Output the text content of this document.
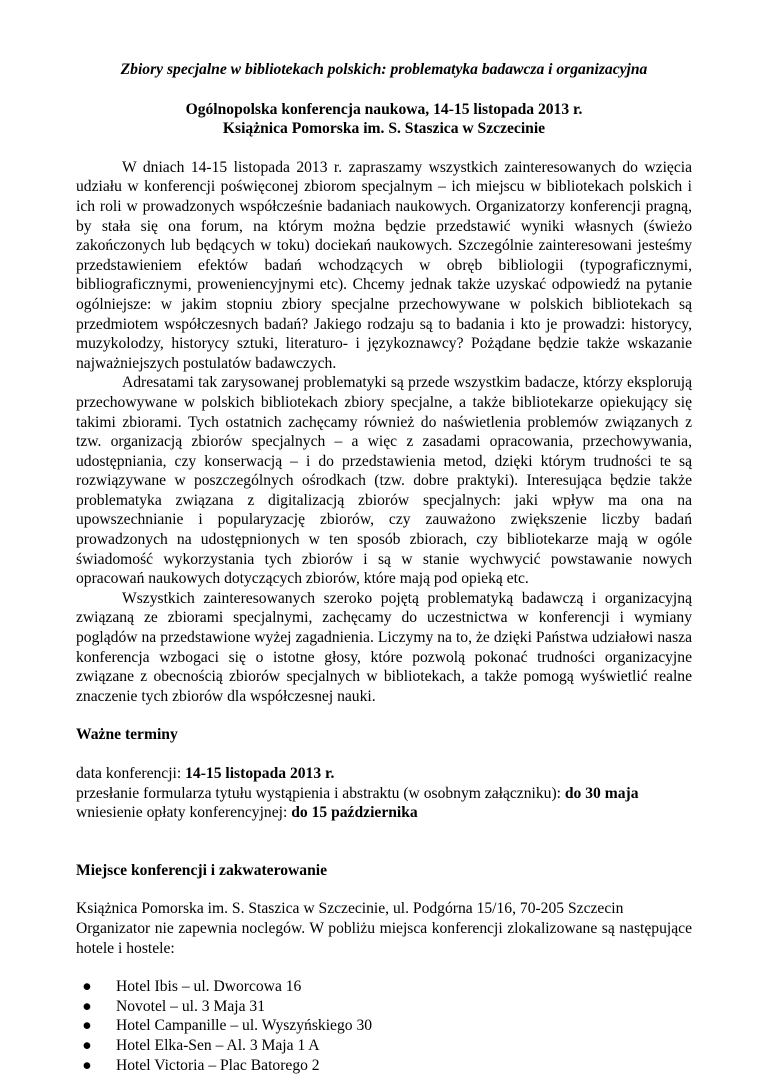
Zbiory specjalne w bibliotekach polskich: problematyka badawcza i organizacyjna

Ogólnopolska konferencja naukowa, 14-15 listopada 2013 r.

Książnica Pomorska im. S. Staszica w Szczecinie

W dniach 14-15 listopada 2013 r. zapraszamy wszystkich zainteresowanych do wzięcia udziału w konferencji poświęconej zbiorom specjalnym – ich miejscu w bibliotekach polskich i ich roli w prowadzonych współcześnie badaniach naukowych. Organizatorzy konferencji pragną, by stała się ona forum, na którym można będzie przedstawić wyniki własnych (świeżo zakończonych lub będących w toku) dociekań naukowych. Szczególnie zainteresowani jesteśmy przedstawieniem efektów badań wchodzących w obręb bibliologii (typograficznymi, bibliograficznymi, proweniencyjnymi etc). Chcemy jednak także uzyskać odpowiedź na pytanie ogólniejsze: w jakim stopniu zbiory specjalne przechowywane w polskich bibliotekach są przedmiotem współczesnych badań? Jakiego rodzaju są to badania i kto je prowadzi: historycy, muzykolodzy, historycy sztuki, literaturo- i językoznawcy? Pożądane będzie także wskazanie najważniejszych postulatów badawczych.

Adresatami tak zarysowanej problematyki są przede wszystkim badacze, którzy eksplorują przechowywane w polskich bibliotekach zbiory specjalne, a także bibliotekarze opiekujący się takimi zbiorami. Tych ostatnich zachęcamy również do naświetlenia problemów związanych z tzw. organizacją zbiorów specjalnych – a więc z zasadami opracowania, przechowywania, udostępniania, czy konserwacją – i do przedstawienia metod, dzięki którym trudności te są rozwiązywane w poszczególnych ośrodkach (tzw. dobre praktyki). Interesująca będzie także problematyka związana z digitalizacją zbiorów specjalnych: jaki wpływ ma ona na upowszechnianie i popularyzację zbiorów, czy zauważono zwiększenie liczby badań prowadzonych na udostępnionych w ten sposób zbiorach, czy bibliotekarze mają w ogóle świadomość wykorzystania tych zbiorów i są w stanie wychwycić powstawanie nowych opracowań naukowych dotyczących zbiorów, które mają pod opieką etc.

Wszystkich zainteresowanych szeroko pojętą problematyką badawczą i organizacyjną związaną ze zbiorami specjalnymi, zachęcamy do uczestnictwa w konferencji i wymiany poglądów na przedstawione wyżej zagadnienia. Liczymy na to, że dzięki Państwa udziałowi nasza konferencja wzbogaci się o istotne głosy, które pozwolą pokonać trudności organizacyjne związane z obecnością zbiorów specjalnych w bibliotekach, a także pomogą wyświetlić realne znaczenie tych zbiorów dla współczesnej nauki.

Ważne terminy

data konferencji: 14-15 listopada 2013 r.
przesłanie formularza tytułu wystąpienia i abstraktu (w osobnym załączniku): do 30 maja
wniesienie opłaty konferencyjnej: do 15 października

Miejsce konferencji i zakwaterowanie

Książnica Pomorska im. S. Staszica w Szczecinie, ul. Podgórna 15/16, 70-205 Szczecin
Organizator nie zapewnia noclegów. W pobliżu miejsca konferencji zlokalizowane są następujące hotele i hostele:

● Hotel Ibis – ul. Dworcowa 16
● Novotel – ul. 3 Maja 31
● Hotel Campanille – ul. Wyszyńskiego 30
● Hotel Elka-Sen – Al. 3 Maja 1 A
● Hotel Victoria – Plac Batorego 2
